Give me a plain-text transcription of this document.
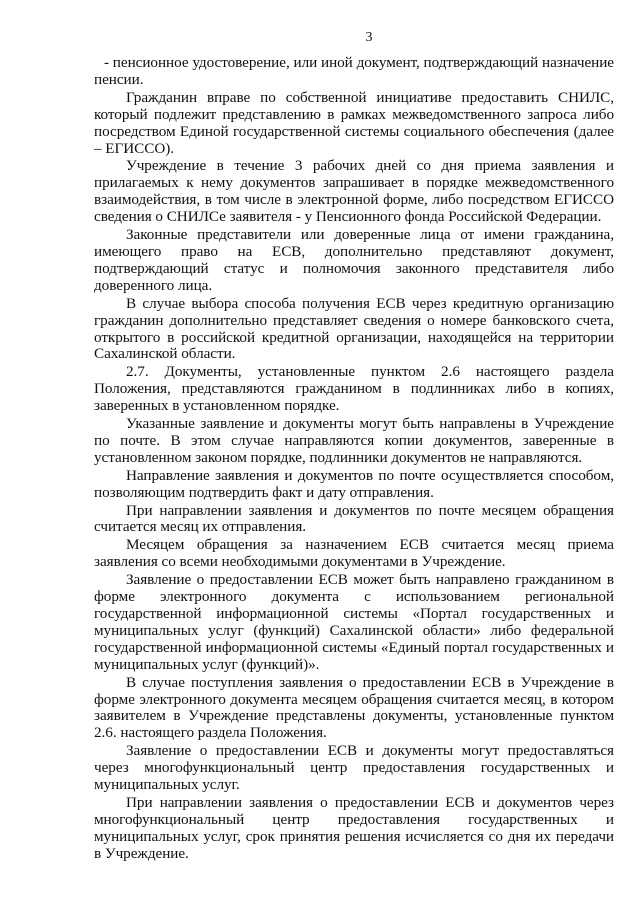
3

- пенсионное удостоверение, или иной документ, подтверждающий назначение пенсии.

Гражданин вправе по собственной инициативе предоставить СНИЛС, который подлежит представлению в рамках межведомственного запроса либо посредством Единой государственной системы социального обеспечения (далее – ЕГИССО).

Учреждение в течение 3 рабочих дней со дня приема заявления и прилагаемых к нему документов запрашивает в порядке межведомственного взаимодействия, в том числе в электронной форме, либо посредством ЕГИССО сведения о СНИЛСе заявителя - у Пенсионного фонда Российской Федерации.

Законные представители или доверенные лица от имени гражданина, имеющего право на ЕСВ, дополнительно представляют документ, подтверждающий статус и полномочия законного представителя либо доверенного лица.

В случае выбора способа получения ЕСВ через кредитную организацию гражданин дополнительно представляет сведения о номере банковского счета, открытого в российской кредитной организации, находящейся на территории Сахалинской области.

2.7. Документы, установленные пунктом 2.6 настоящего раздела Положения, представляются гражданином в подлинниках либо в копиях, заверенных в установленном порядке.

Указанные заявление и документы могут быть направлены в Учреждение по почте. В этом случае направляются копии документов, заверенные в установленном законом порядке, подлинники документов не направляются.

Направление заявления и документов по почте осуществляется способом, позволяющим подтвердить факт и дату отправления.

При направлении заявления и документов по почте месяцем обращения считается месяц их отправления.

Месяцем обращения за назначением ЕСВ считается месяц приема заявления со всеми необходимыми документами в Учреждение.

Заявление о предоставлении ЕСВ может быть направлено гражданином в форме электронного документа с использованием региональной государственной информационной системы «Портал государственных и муниципальных услуг (функций) Сахалинской области» либо федеральной государственной информационной системы «Единый портал государственных и муниципальных услуг (функций)».

В случае поступления заявления о предоставлении ЕСВ в Учреждение в форме электронного документа месяцем обращения считается месяц, в котором заявителем в Учреждение представлены документы, установленные пунктом 2.6. настоящего раздела Положения.

Заявление о предоставлении ЕСВ и документы могут предоставляться через многофункциональный центр предоставления государственных и муниципальных услуг.

При направлении заявления о предоставлении ЕСВ и документов через многофункциональный центр предоставления государственных и муниципальных услуг, срок принятия решения исчисляется со дня их передачи в Учреждение.
